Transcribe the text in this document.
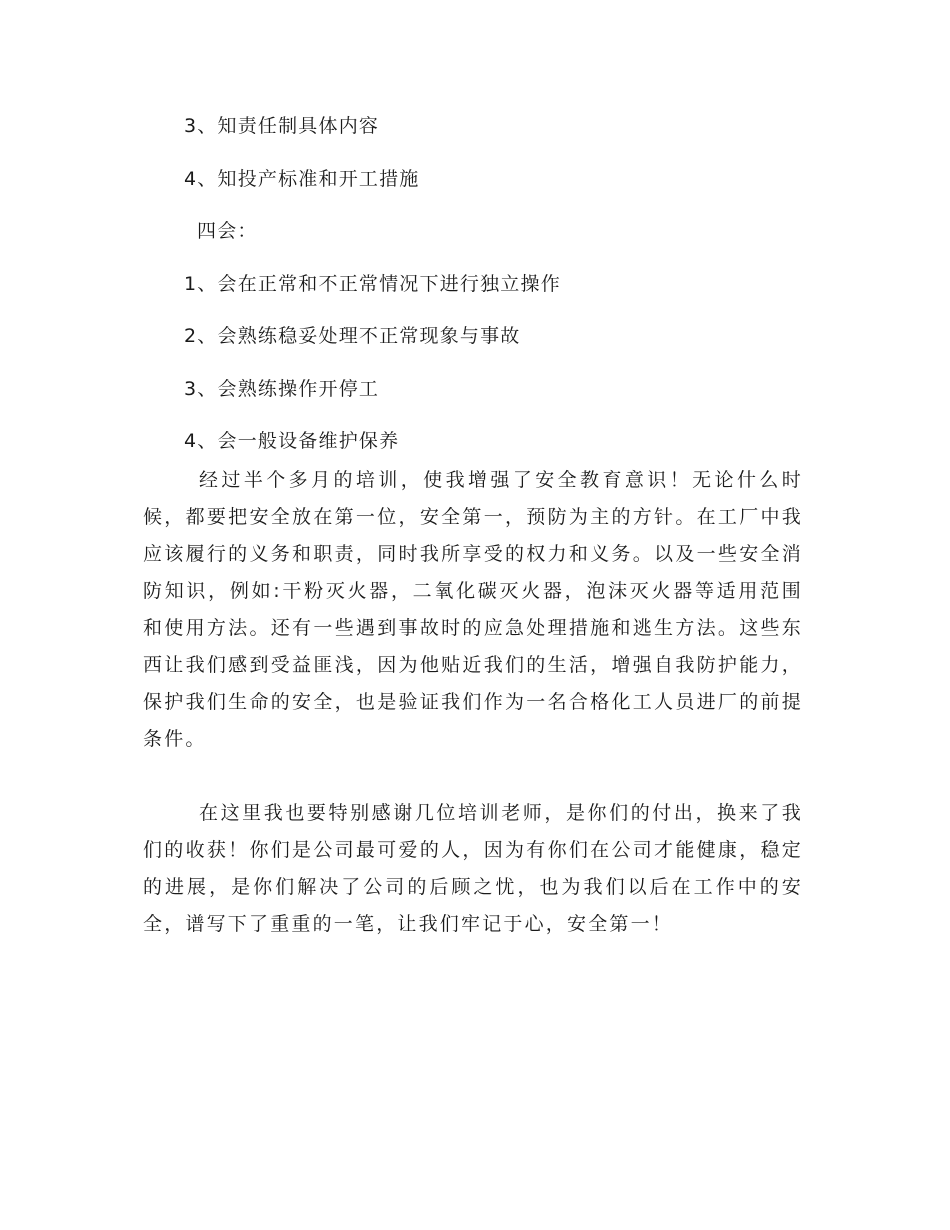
3、知责任制具体内容
4、知投产标准和开工措施
四会：
1、会在正常和不正常情况下进行独立操作
2、会熟练稳妥处理不正常现象与事故
3、会熟练操作开停工
4、会一般设备维护保养

经过半个多月的培训，使我增强了安全教育意识！无论什么时候，都要把安全放在第一位，安全第一，预防为主的方针。在工厂中我应该履行的义务和职责，同时我所享受的权力和义务。以及一些安全消防知识，例如:干粉灭火器，二氧化碳灭火器，泡沫灭火器等适用范围和使用方法。还有一些遇到事故时的应急处理措施和逃生方法。这些东西让我们感到受益匪浅，因为他贴近我们的生活，增强自我防护能力，保护我们生命的安全，也是验证我们作为一名合格化工人员进厂的前提条件。

在这里我也要特别感谢几位培训老师，是你们的付出，换来了我们的收获！你们是公司最可爱的人，因为有你们在公司才能健康，稳定的进展，是你们解决了公司的后顾之忧，也为我们以后在工作中的安全，谱写下了重重的一笔，让我们牢记于心，安全第一！
